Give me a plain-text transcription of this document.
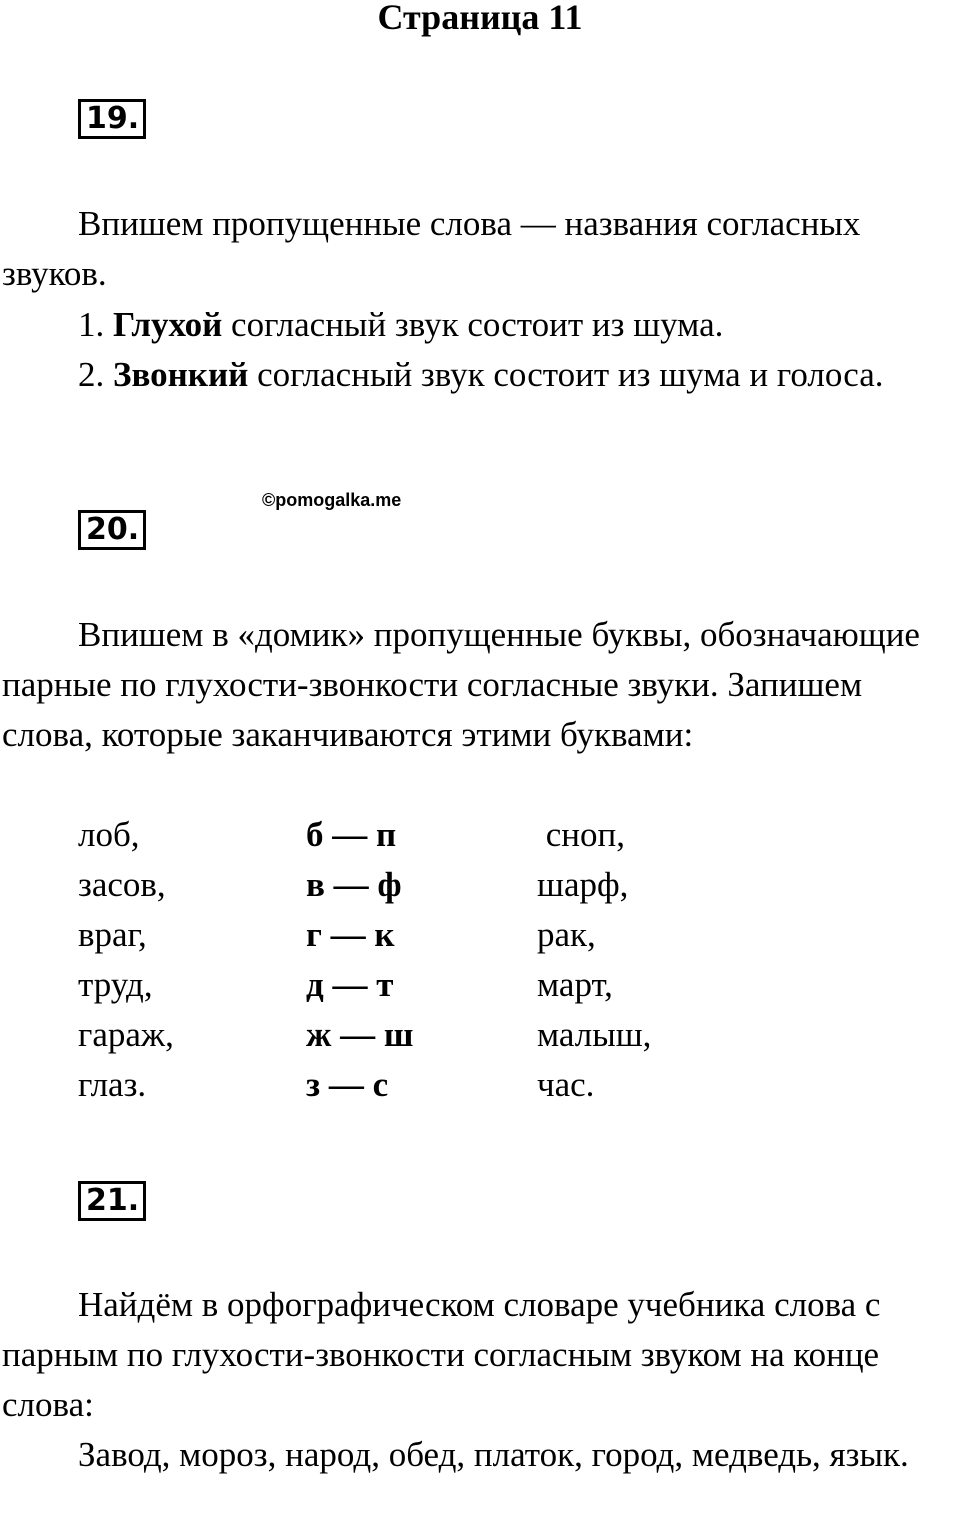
Страница 11
19.

Впишем пропущенные слова — названия согласных звуков.

1. Глухой согласный звук состоит из шума.
2. Звонкий согласный звук состоит из шума и голоса.
©pomogalka.me
20.

Впишем в «домик» пропущенные буквы, обозначающие парные по глухости-звонкости согласные звуки. Запишем слова, которые заканчиваются этими буквами:

лоб,	б — п	сноп,
засов,	в — ф	шарф,
враг,	г — к	рак,
труд,	д — т	март,
гараж,	ж — ш	малыш,
глаз.	з — с	час.
21.

Найдём в орфографическом словаре учебника слова с парным по глухости-звонкости согласным звуком на конце слова:

Завод, мороз, народ, обед, платок, город, медведь, язык.
